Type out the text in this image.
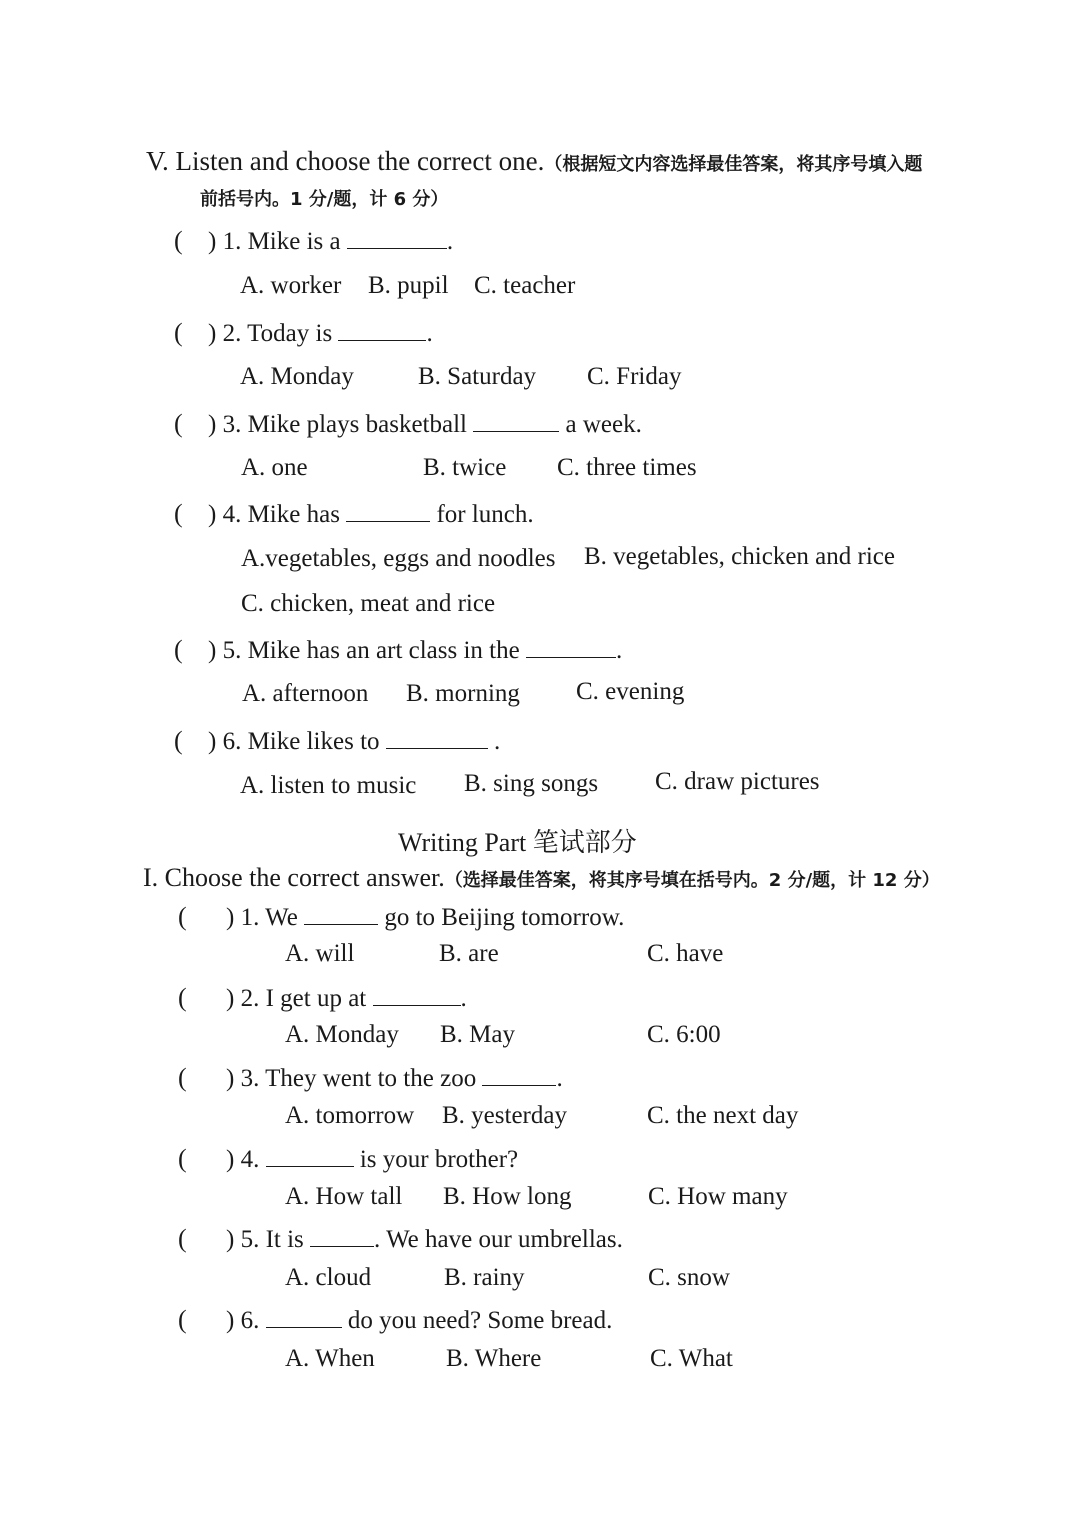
V. Listen and choose the correct one.（根据短文内容选择最佳答案，将其序号填入题
前括号内。1 分/题，计 6 分）
( ) 1. Mike is a	.
A. worker B. pupil C. teacher
( ) 2. Today is	.
A. Monday	B. Saturday C. Friday
( ) 3. Mike plays basketball	a week.
A. one	B. twice C. three times
( ) 4. Mike has	for lunch.
A.vegetables, eggs and noodles B. vegetables, chicken and rice
C. chicken, meat and rice
( ) 5. Mike has an art class in the	.
A. afternoon B. morning C. evening
( ) 6. Mike likes to	.
A. listen to music B. sing songs C. draw pictures
Writing Part 笔试部分
I. Choose the correct answer.（选择最佳答案，将其序号填在括号内。2 分/题，计 12 分）
( ) 1. We	go to Beijing tomorrow.
A. will	B. are	C. have
( ) 2. I get up at	.
A. Monday B. May	C. 6:00
( ) 3. They went to the zoo	.
A. tomorrow B. yesterday	C. the next day
( ) 4.	is your brother?
A. How tall B. How long	C. How many
( ) 5. It is	. We have our umbrellas.
A. cloud	B. rainy	C. snow
( ) 6.	do you need? Some bread.
A. When	B. Where	C. What
